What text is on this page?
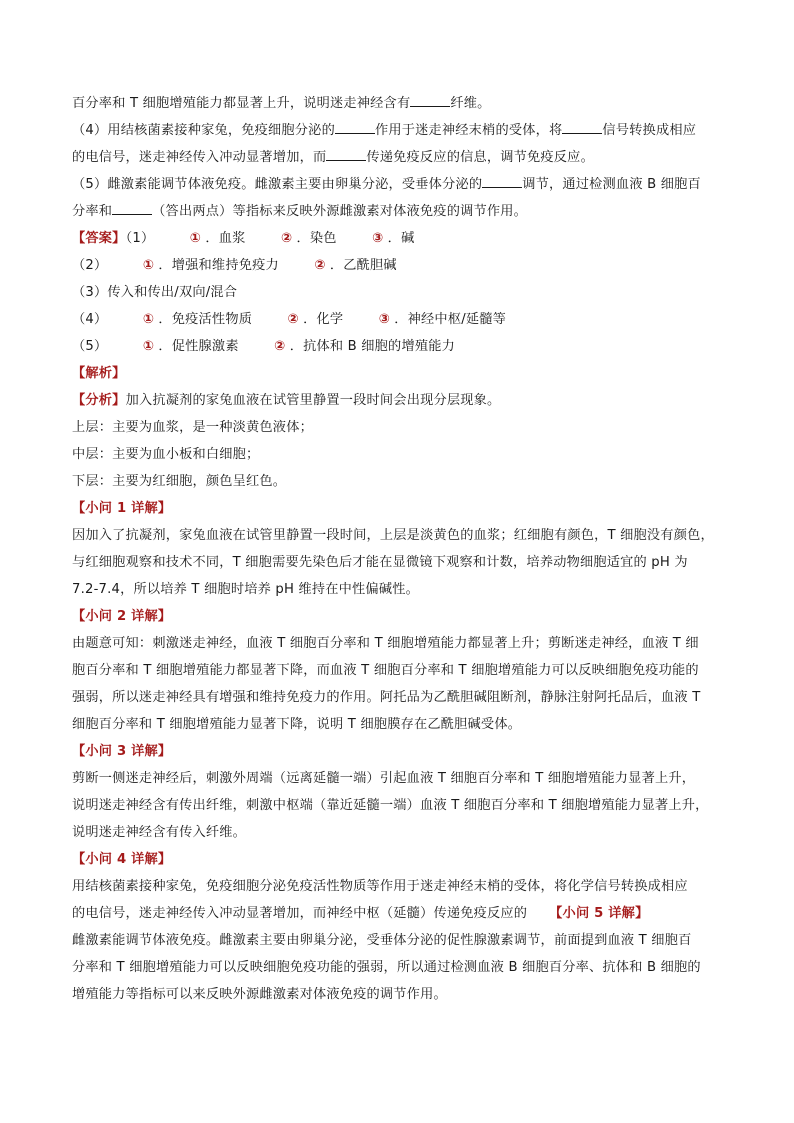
百分率和 T 细胞增殖能力都显著上升，说明迷走神经含有	纤维。
（4）用结核菌素接种家兔，免疫细胞分泌的	作用于迷走神经末梢的受体，将	信号转换成相应
的电信号，迷走神经传入冲动显著增加，而	传递免疫反应的信息，调节免疫反应。
（5）雌激素能调节体液免疫。雌激素主要由卵巢分泌，受垂体分泌的	调节，通过检测血液 B 细胞百
分率和	（答出两点）等指标来反映外源雌激素对体液免疫的调节作用。
【答案】（1）	① ．血浆	② ．染色	③ ．碱
（2）	① ．增强和维持免疫力	② ．乙酰胆碱
（3）传入和传出/双向/混合
（4）	① ．免疫活性物质	② ．化学	③ ．神经中枢/延髓等
（5）	① ．促性腺激素	② ．抗体和 B 细胞的增殖能力
【解析】
【分析】加入抗凝剂的家兔血液在试管里静置一段时间会出现分层现象。
上层：主要为血浆，是一种淡黄色液体；
中层：主要为血小板和白细胞；
下层：主要为红细胞，颜色呈红色。
【小问 1 详解】
因加入了抗凝剂，家兔血液在试管里静置一段时间，上层是淡黄色的血浆；红细胞有颜色，T 细胞没有颜色，
与红细胞观察和技术不同，T 细胞需要先染色后才能在显微镜下观察和计数，培养动物细胞适宜的 pH 为
7.2-7.4，所以培养 T 细胞时培养 pH 维持在中性偏碱性。
【小问 2 详解】
由题意可知：刺激迷走神经，血液 T 细胞百分率和 T 细胞增殖能力都显著上升；剪断迷走神经，血液 T 细
胞百分率和 T 细胞增殖能力都显著下降，而血液 T 细胞百分率和 T 细胞增殖能力可以反映细胞免疫功能的
强弱，所以迷走神经具有增强和维持免疫力的作用。阿托品为乙酰胆碱阻断剂，静脉注射阿托品后，血液 T
细胞百分率和 T 细胞增殖能力显著下降，说明 T 细胞膜存在乙酰胆碱受体。
【小问 3 详解】
剪断一侧迷走神经后，刺激外周端（远离延髓一端）引起血液 T 细胞百分率和 T 细胞增殖能力显著上升，
说明迷走神经含有传出纤维，刺激中枢端（靠近延髓一端）血液 T 细胞百分率和 T 细胞增殖能力显著上升，
说明迷走神经含有传入纤维。
【小问 4 详解】
用结核菌素接种家兔，免疫细胞分泌免疫活性物质等作用于迷走神经末梢的受体，将化学信号转换成相应
的电信号，迷走神经传入冲动显著增加，而神经中枢（延髓）传递免疫反应的 【小问 5 详解】
雌激素能调节体液免疫。雌激素主要由卵巢分泌，受垂体分泌的促性腺激素调节，前面提到血液 T 细胞百
分率和 T 细胞增殖能力可以反映细胞免疫功能的强弱，所以通过检测血液 B 细胞百分率、抗体和 B 细胞的
增殖能力等指标可以来反映外源雌激素对体液免疫的调节作用。
